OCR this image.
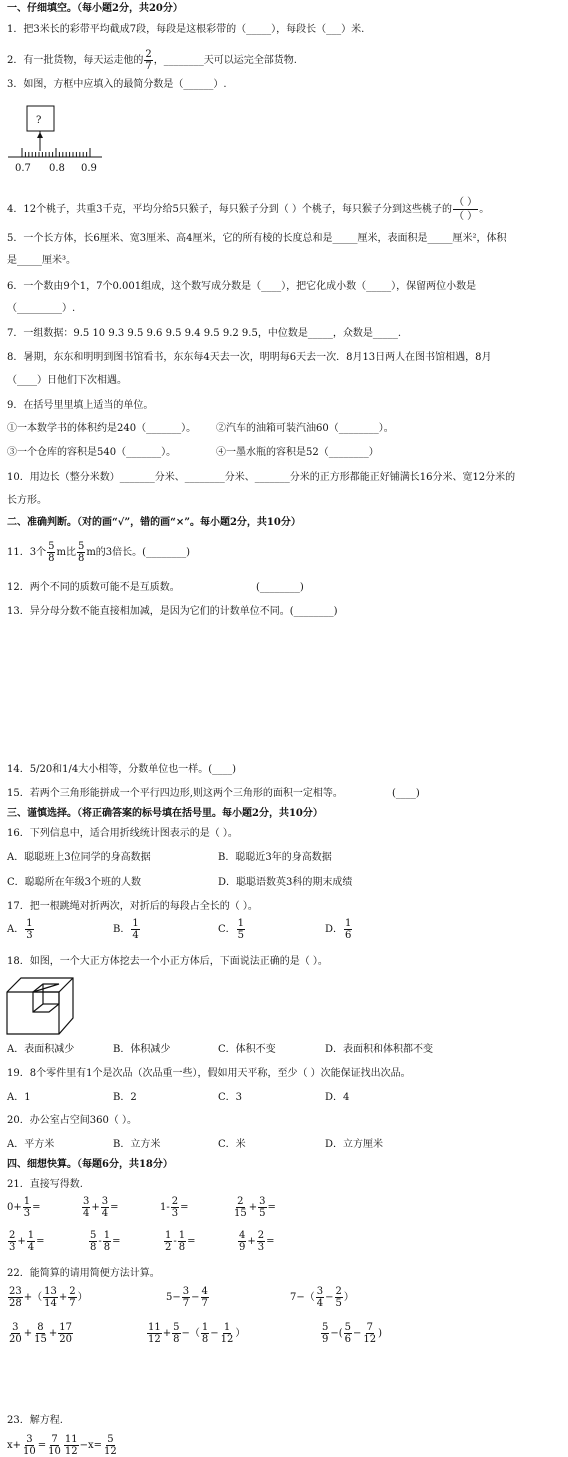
一、仔细填空。（每小题2分，共20分）
1．把3米长的彩带平均截成7段，每段是这根彩带的（_____），每段长（___）米.
2．有一批货物，每天运走他的 $\frac{2}{7}$ ，________天可以运完全部货物.
3．如图，方框中应填入的最简分数是（______）.
?
0.7 0.8 0.9
4．12个桃子，共重3千克，平均分给5只猴子，每只猴子分到（ ）个桃子，每只猴子分到这些桃子的 $\frac{( )}{( )}$ 。
5．一个长方体，长6厘米、宽3厘米、高4厘米，它的所有棱的长度总和是_____厘米，表面积是_____厘米²，体积
是_____厘米³。
6．一个数由9个1，7个0.001组成，这个数写成分数是（____），把它化成小数（_____），保留两位小数是
（_________）.
7．一组数据：9.5 10 9.3 9.5 9.6 9.5 9.4 9.5 9.2 9.5，中位数是_____，众数是_____.
8．暑期，东东和明明到图书馆看书，东东每4天去一次，明明每6天去一次．8月13日两人在图书馆相遇，8月
（____）日他们下次相遇。
9．在括号里里填上适当的单位。
①一本数学书的体积约是240（_______）。 ②汽车的油箱可装汽油60（________）。
③一个仓库的容积是540（_______）。	④一墨水瓶的容积是52（________）
10．用边长（整分米数）_______分米、________分米、_______分米的正方形都能正好铺满长16分米、宽12分米的
长方形。
二、准确判断。（对的画“√”，错的画“×”。每小题2分，共10分）
11．3个 $\frac{5}{8}$ m比 $\frac{5}{8}$ m的3倍长。(________)
12．两个不同的质数可能不是互质数。	(________)
13．异分母分数不能直接相加减，是因为它们的计数单位不同。(________)
14．5/20和1/4大小相等，分数单位也一样。(____)
15．若两个三角形能拼成一个平行四边形,则这两个三角形的面积一定相等。	(____)
三、谨慎选择。（将正确答案的标号填在括号里。每小题2分，共10分）
16．下列信息中，适合用折线统计图表示的是（ ）。
A．聪聪班上3位同学的身高数据	B．聪聪近3年的身高数据
C．聪聪所在年级3个班的人数	D．聪聪语数英3科的期末成绩
17．把一根跳绳对折两次，对折后的每段占全长的（ ）。
A． $\frac{1}{3}$	B． $\frac{1}{4}$	C． $\frac{1}{5}$	D． $\frac{1}{6}$
18．如图，一个大正方体挖去一个小正方体后，下面说法正确的是（ ）。
A．表面积减少	B．体积减少	C．体积不变	D．表面积和体积都不变
19．8个零件里有1个是次品（次品重一些），假如用天平称，至少（ ）次能保证找出次品。
A．1	B．2	C．3	D．4
20．办公室占空间360（ ）。
A．平方米	B．立方米	C．米	D．立方厘米
四、细想快算。（每题6分，共18分）
21．直接写得数.
$0+ \frac{1}{3}$ =	$\frac{3}{4} + \frac{3}{4}$ =	$1- \frac{2}{3}$ =	$\frac{2}{15} + \frac{3}{5}$ =
$\frac{2}{3} + \frac{1}{4}$ =	$\frac{5}{8} - \frac{1}{8}$ =	$\frac{1}{2} - \frac{1}{8}$ =	$\frac{4}{9} + \frac{2}{3}$ =
22．能简算的请用简便方法计算。
$\frac{23}{28}$ +（ $\frac{13}{14} + \frac{2}{7}$ ）	$5- \frac{3}{7} - \frac{4}{7}$	$7-( \frac{3}{4} - \frac{2}{5}$ ）
$\frac{3}{20} + \frac{8}{15} + \frac{17}{20}$	$\frac{11}{12} + \frac{5}{8}$ −（ $\frac{1}{8} - \frac{1}{12}$ ）	$\frac{5}{9}$ −( $\frac{5}{6} - \frac{7}{12}$ )
23．解方程.
$x+ \frac{3}{10} = \frac{7}{10} \frac{11}{12} -x= \frac{5}{12}$
